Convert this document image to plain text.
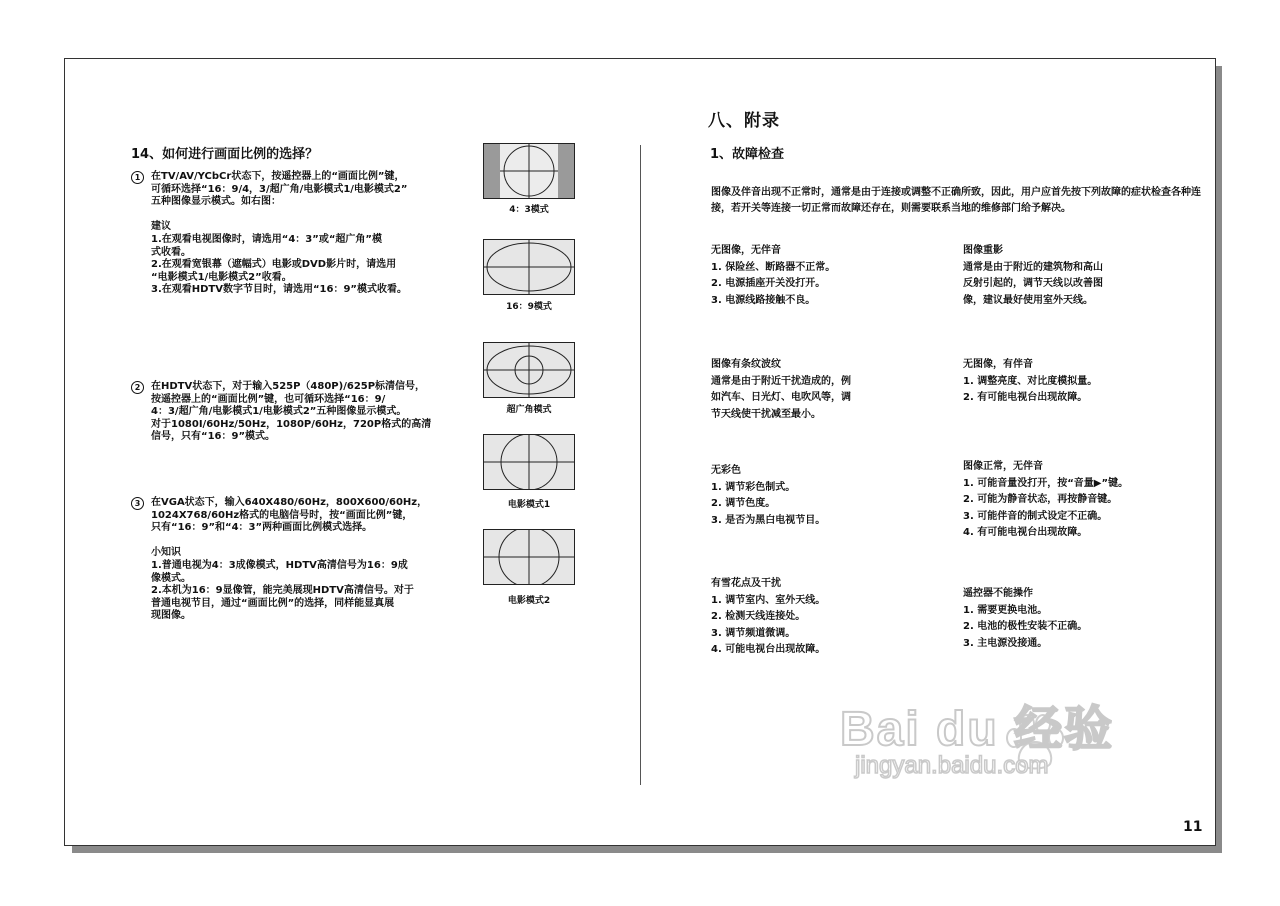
14、如何进行画面比例的选择？
1	在TV/AV/YCbCr状态下，按遥控器上的“画面比例”键，
可循环选择“16：9/4，3/超广角/电影模式1/电影模式2”
五种图像显示模式。如右图：
建议
1.在观看电视图像时，请选用“4：3”或“超广角”模
式收看。
2.在观看宽银幕（遮幅式）电影或DVD影片时，请选用
“电影模式1/电影模式2”收看。
3.在观看HDTV数字节目时，请选用“16：9”模式收看。
2	在HDTV状态下，对于输入525P（480P)/625P标清信号，
按遥控器上的“画面比例”键，也可循环选择“16：9/
4：3/超广角/电影模式1/电影模式2”五种图像显示模式。
对于1080I/60Hz/50Hz，1080P/60Hz，720P格式的高清
信号，只有“16：9”模式。
3	在VGA状态下，输入640X480/60Hz，800X600/60Hz，
1024X768/60Hz格式的电脑信号时，按“画面比例”键，
只有“16：9”和“4：3”两种画面比例模式选择。
小知识
1.普通电视为4：3成像模式，HDTV高清信号为16：9成
像模式。
2.本机为16：9显像管，能完美展现HDTV高清信号。对于
普通电视节目，通过“画面比例”的选择，同样能显真展
现图像。
4：3模式
16：9模式
超广角模式
电影模式1
电影模式2
八、附录
1、故障检查
图像及伴音出现不正常时，通常是由于连接或调整不正确所致，因此，用户应首先按下列故障的症状检查各种连接，若开关等连接一切正常而故障还存在，则需要联系当地的维修部门给予解决。
无图像，无伴音
1. 保险丝、断路器不正常。
2. 电源插座开关没打开。
3. 电源线路接触不良。
图像重影
通常是由于附近的建筑物和高山
反射引起的，调节天线以改善图
像，建议最好使用室外天线。
图像有条纹波纹
通常是由于附近干扰造成的，例
如汽车、日光灯、电吹风等，调
节天线使干扰减至最小。
无图像，有伴音
1. 调整亮度、对比度模拟量。
2. 有可能电视台出现故障。
无彩色
1. 调节彩色制式。
2. 调节色度。
3. 是否为黑白电视节目。
图像正常，无伴音
1. 可能音量没打开，按“音量▶”键。
2. 可能为静音状态，再按静音键。
3. 可能伴音的制式设定不正确。
4. 有可能电视台出现故障。
有雪花点及干扰
1. 调节室内、室外天线。
2. 检测天线连接处。
3. 调节频道微调。
4. 可能电视台出现故障。
遥控器不能操作
1. 需要更换电池。
2. 电池的极性安装不正确。
3. 主电源没接通。
11
Bai du 经验
jingyan.baidu.com
